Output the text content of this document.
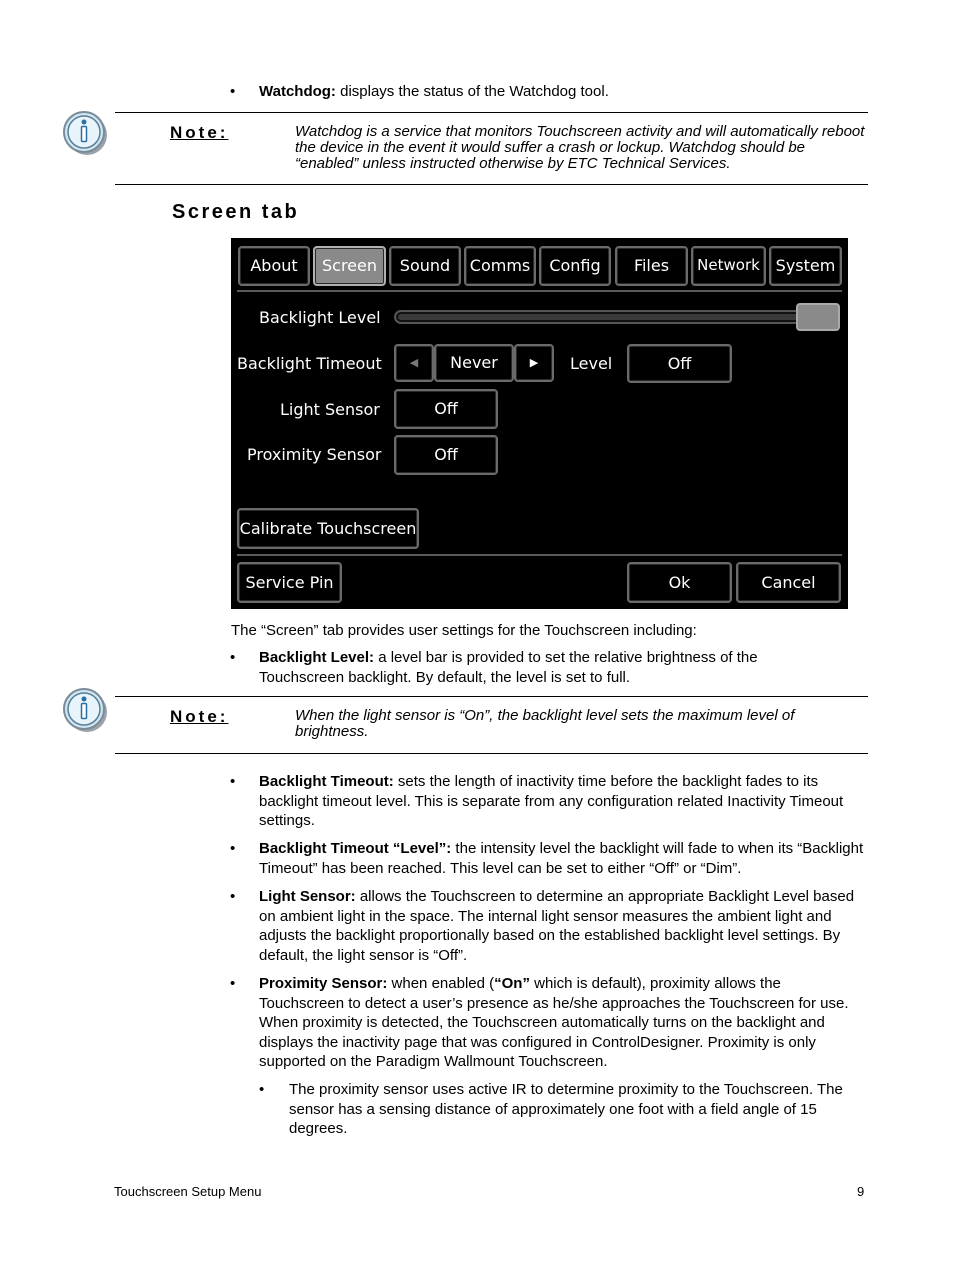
•	Watchdog: displays the status of the Watchdog tool.
Note:	Watchdog is a service that monitors Touchscreen activity and will automatically reboot the device in the event it would suffer a crash or lockup. Watchdog should be “enabled” unless instructed otherwise by ETC Technical Services.
Screen tab
About	Screen	Sound	Comms	Config	Files	Network System
Backlight Level
Backlight Timeout	◀	Never	▶ Level	Off
Light Sensor	Off
Proximity Sensor	Off
Calibrate Touchscreen
Service Pin	Ok	Cancel
The “Screen” tab provides user settings for the Touchscreen including:
•	Backlight Level: a level bar is provided to set the relative brightness of the Touchscreen backlight. By default, the level is set to full.
Note:	When the light sensor is “On”, the backlight level sets the maximum level of brightness.
•	Backlight Timeout: sets the length of inactivity time before the backlight fades to its backlight timeout level. This is separate from any configuration related Inactivity Timeout settings.
•	Backlight Timeout “Level”: the intensity level the backlight will fade to when its “Backlight Timeout” has been reached. This level can be set to either “Off” or “Dim”.
•	Light Sensor: allows the Touchscreen to determine an appropriate Backlight Level based on ambient light in the space. The internal light sensor measures the ambient light and adjusts the backlight proportionally based on the established backlight level settings. By default, the light sensor is “Off”.
•	Proximity Sensor: when enabled (“On” which is default), proximity allows the Touchscreen to detect a user’s presence as he/she approaches the Touchscreen for use. When proximity is detected, the Touchscreen automatically turns on the backlight and displays the inactivity page that was configured in ControlDesigner. Proximity is only supported on the Paradigm Wallmount Touchscreen.
•	The proximity sensor uses active IR to determine proximity to the Touchscreen. The sensor has a sensing distance of approximately one foot with a field angle of 15 degrees.
Touchscreen Setup Menu	9
